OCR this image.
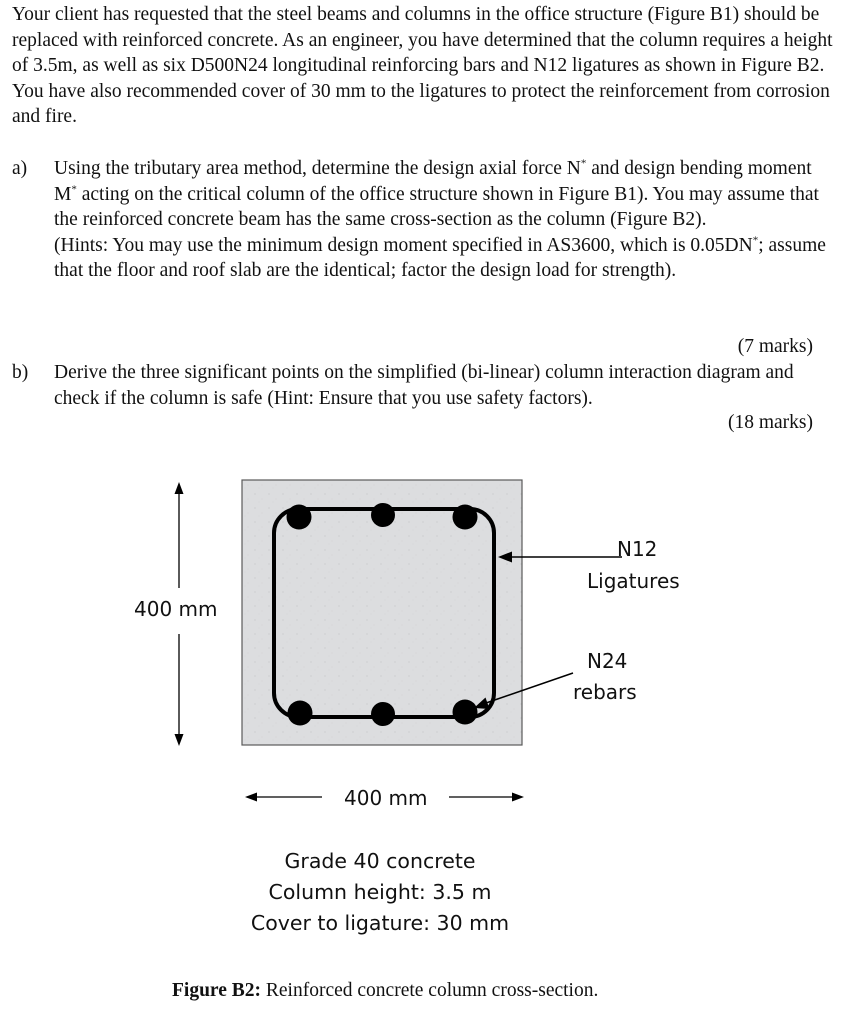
Your client has requested that the steel beams and columns in the office structure (Figure B1) should be replaced with reinforced concrete. As an engineer, you have determined that the column requires a height of 3.5m, as well as six D500N24 longitudinal reinforcing bars and N12 ligatures as shown in Figure B2. You have also recommended cover of 30 mm to the ligatures to protect the reinforcement from corrosion and fire.

a) Using the tributary area method, determine the design axial force N* and design bending moment M* acting on the critical column of the office structure shown in Figure B1). You may assume that the reinforced concrete beam has the same cross-section as the column (Figure B2).
(Hints: You may use the minimum design moment specified in AS3600, which is 0.05DN*; assume that the floor and roof slab are the identical; factor the design load for strength).
(7 marks)
b) Derive the three significant points on the simplified (bi-linear) column interaction diagram and check if the column is safe (Hint: Ensure that you use safety factors).
(18 marks)
400 mm
400 mm
N12
Ligatures
N24
rebars
Grade 40 concrete
Column height: 3.5 m
Cover to ligature: 30 mm
Figure B2: Reinforced concrete column cross-section.
